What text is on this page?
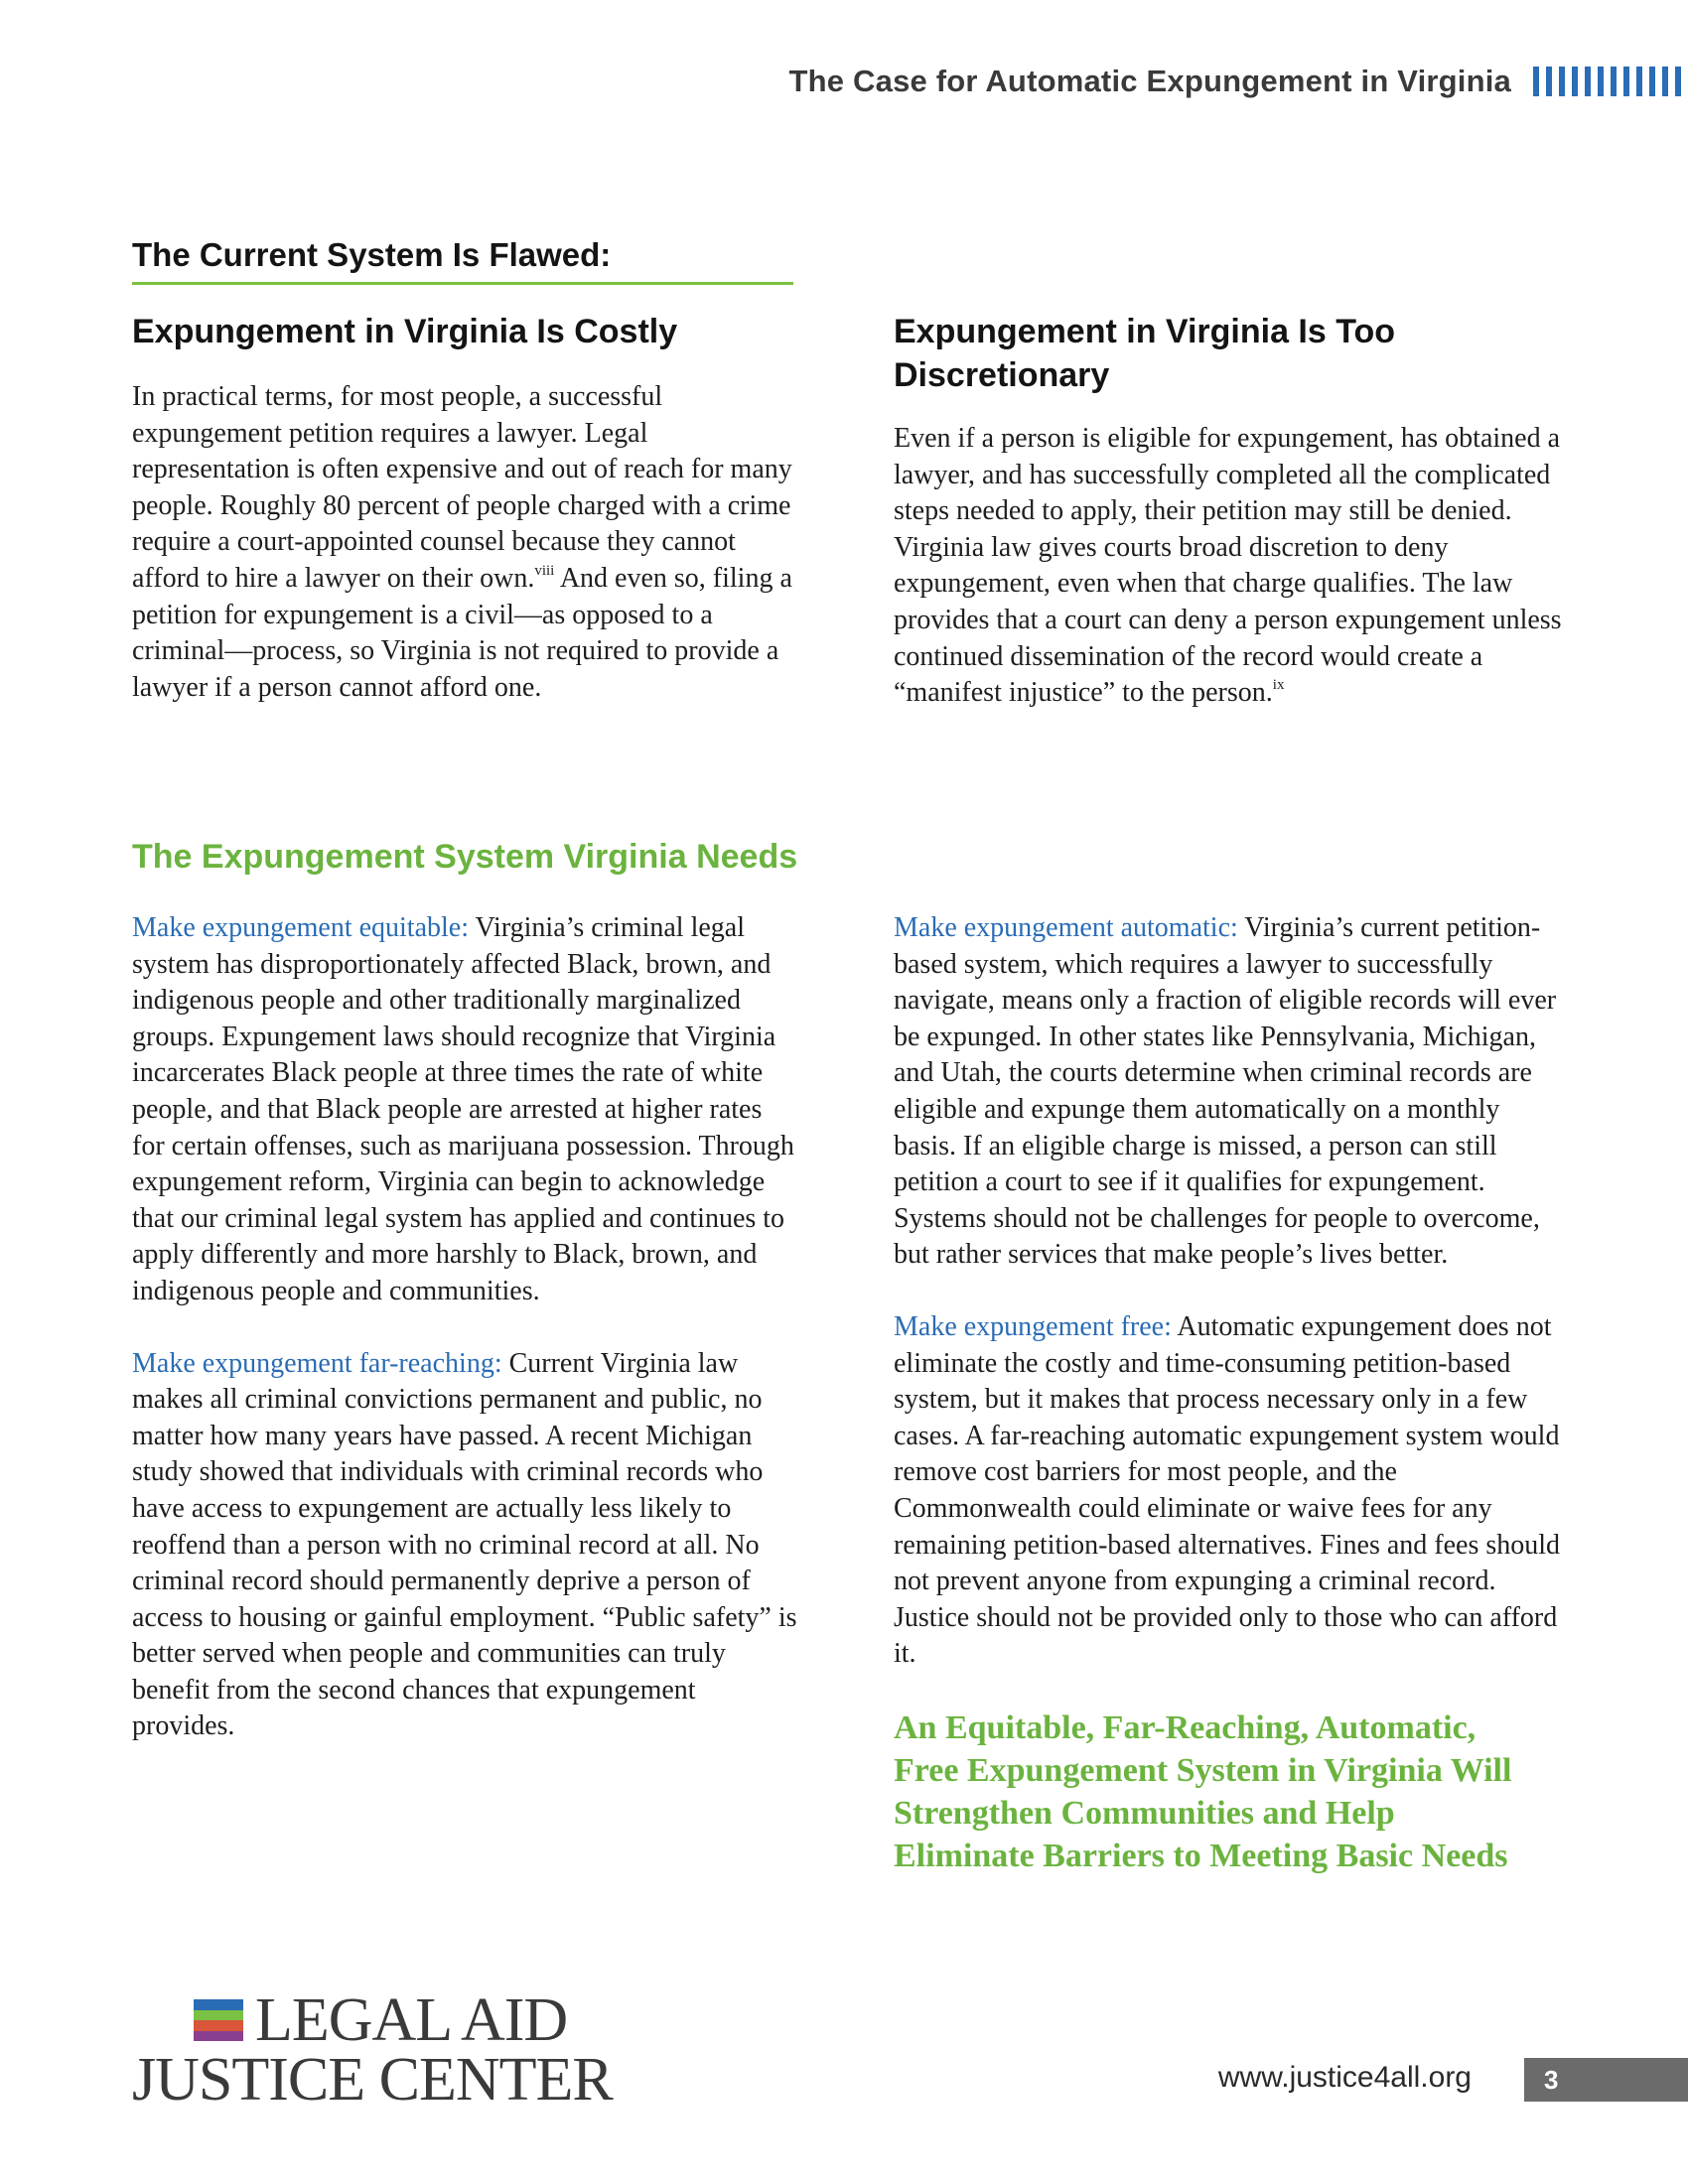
The Case for Automatic Expungement in Virginia
The Current System Is Flawed:
Expungement in Virginia Is Costly

In practical terms, for most people, a successful expungement petition requires a lawyer. Legal representation is often expensive and out of reach for many people. Roughly 80 percent of people charged with a crime require a court-appointed counsel because they cannot afford to hire a lawyer on their own.$^{viii}$ And even so, filing a petition for expungement is a civil—as opposed to a criminal—process, so Virginia is not required to provide a lawyer if a person cannot afford one.

Expungement in Virginia Is Too Discretionary

Even if a person is eligible for expungement, has obtained a lawyer, and has successfully completed all the complicated steps needed to apply, their petition may still be denied. Virginia law gives courts broad discretion to deny expungement, even when that charge qualifies. The law provides that a court can deny a person expungement unless continued dissemination of the record would create a “manifest injustice” to the person.$^{ix}$

The Expungement System Virginia Needs

Make expungement equitable: Virginia’s criminal legal system has disproportionately affected Black, brown, and indigenous people and other traditionally marginalized groups. Expungement laws should recognize that Virginia incarcerates Black people at three times the rate of white people, and that Black people are arrested at higher rates for certain offenses, such as marijuana possession. Through expungement reform, Virginia can begin to acknowledge that our criminal legal system has applied and continues to apply differently and more harshly to Black, brown, and indigenous people and communities.

Make expungement far-reaching: Current Virginia law makes all criminal convictions permanent and public, no matter how many years have passed. A recent Michigan study showed that individuals with criminal records who have access to expungement are actually less likely to reoffend than a person with no criminal record at all. No criminal record should permanently deprive a person of access to housing or gainful employment. “Public safety” is better served when people and communities can truly benefit from the second chances that expungement provides.

Make expungement automatic: Virginia’s current petition-based system, which requires a lawyer to successfully navigate, means only a fraction of eligible records will ever be expunged. In other states like Pennsylvania, Michigan, and Utah, the courts determine when criminal records are eligible and expunge them automatically on a monthly basis. If an eligible charge is missed, a person can still petition a court to see if it qualifies for expungement. Systems should not be challenges for people to overcome, but rather services that make people’s lives better.

Make expungement free: Automatic expungement does not eliminate the costly and time-consuming petition-based system, but it makes that process necessary only in a few cases. A far-reaching automatic expungement system would remove cost barriers for most people, and the Commonwealth could eliminate or waive fees for any remaining petition-based alternatives. Fines and fees should not prevent anyone from expunging a criminal record. Justice should not be provided only to those who can afford it.

An Equitable, Far-Reaching, Automatic, Free Expungement System in Virginia Will Strengthen Communities and Help Eliminate Barriers to Meeting Basic Needs

LEGAL AID
JUSTICE CENTER	www.justice4all.org	3
